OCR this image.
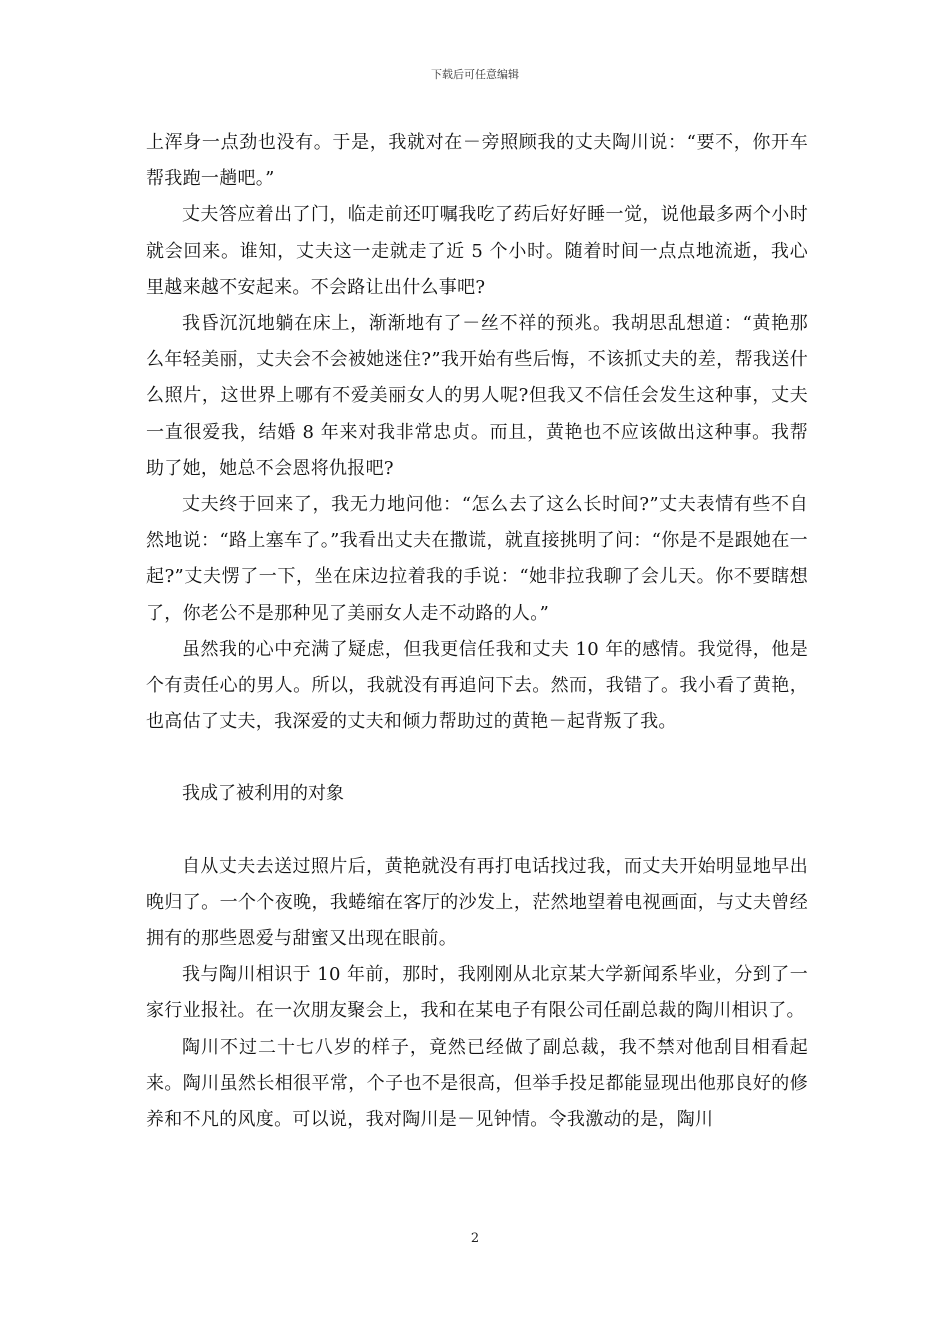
下载后可任意编辑

上浑身一点劲也没有。于是，我就对在－旁照顾我的丈夫陶川说：“要不，你开车帮我跑一趟吧。”

丈夫答应着出了门，临走前还叮嘱我吃了药后好好睡一觉，说他最多两个小时就会回来。谁知，丈夫这一走就走了近 5 个小时。随着时间一点点地流逝，我心里越来越不安起来。不会路让出什么事吧?

我昏沉沉地躺在床上，渐渐地有了－丝不祥的预兆。我胡思乱想道：“黄艳那么年轻美丽，丈夫会不会被她迷住?”我开始有些后悔，不该抓丈夫的差，帮我送什么照片，这世界上哪有不爱美丽女人的男人呢?但我又不信任会发生这种事，丈夫一直很爱我，结婚 8 年来对我非常忠贞。而且，黄艳也不应该做出这种事。我帮助了她，她总不会恩将仇报吧?

丈夫终于回来了，我无力地问他：“怎么去了这么长时间?”丈夫表情有些不自然地说：“路上塞车了。”我看出丈夫在撒谎，就直接挑明了问：“你是不是跟她在一起?”丈夫愣了一下，坐在床边拉着我的手说：“她非拉我聊了会儿天。你不要瞎想了，你老公不是那种见了美丽女人走不动路的人。”

虽然我的心中充满了疑虑，但我更信任我和丈夫 10 年的感情。我觉得，他是个有责任心的男人。所以，我就没有再追问下去。然而，我错了。我小看了黄艳，也高估了丈夫，我深爱的丈夫和倾力帮助过的黄艳－起背叛了我。

我成了被利用的对象

自从丈夫去送过照片后，黄艳就没有再打电话找过我，而丈夫开始明显地早出晚归了。一个个夜晚，我蜷缩在客厅的沙发上，茫然地望着电视画面，与丈夫曾经拥有的那些恩爱与甜蜜又出现在眼前。

我与陶川相识于 10 年前，那时，我刚刚从北京某大学新闻系毕业，分到了一家行业报社。在一次朋友聚会上，我和在某电子有限公司任副总裁的陶川相识了。

陶川不过二十七八岁的样子，竟然已经做了副总裁，我不禁对他刮目相看起来。陶川虽然长相很平常，个子也不是很高，但举手投足都能显现出他那良好的修养和不凡的风度。可以说，我对陶川是－见钟情。令我激动的是，陶川

2
